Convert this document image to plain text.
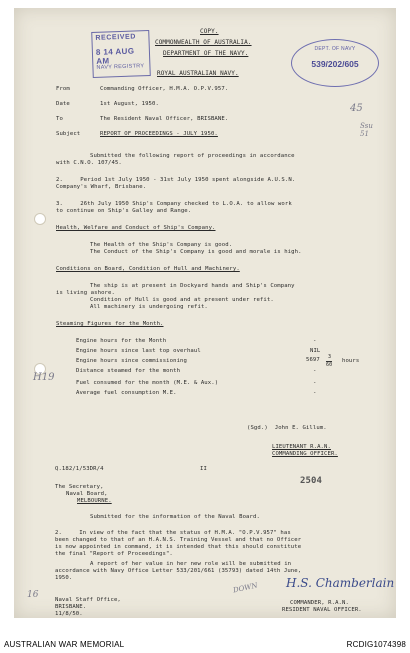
RECEIVED
8 14 AUG AM
NAVY REGISTRY
DEPT. OF NAVY
539/202/605
COPY.
COMMONWEALTH OF AUSTRALIA.
DEPARTMENT OF THE NAVY.
ROYAL AUSTRALIAN NAVY.
45
Ssu
51
From	Commanding Officer, H.M.A. O.P.V.957.
Date	1st August, 1950.
To	The Resident Naval Officer, BRISBANE.
Subject	REPORT OF PROCEEDINGS - JULY 1950.
Submitted the following report of proceedings in accordance
with C.N.O. 107/45.
2.     Period 1st July 1950 - 31st July 1950 spent alongside A.U.S.N.
Company's Wharf, Brisbane.
3.     26th July 1950 Ship's Company checked to L.O.A. to allow work
to continue on Ship's Galley and Range.
Health, Welfare and Conduct of Ship's Company.
The Health of the Ship's Company is good.
The Conduct of the Ship's Company is good and morale is high.
Conditions on Board, Condition of Hull and Machinery.
The ship is at present in Dockyard hands and Ship's Company
is living ashore.
Condition of Hull is good and at present under refit.
All machinery is undergoing refit.
Steaming Figures for the Month.
Engine hours for the Month	-
Engine hours since last top overhaul	NIL
Engine hours since commissioning	5697 3
60
hours
Distance steamed for the month	-
Fuel consumed for the month (M.E. & Aux.)	-
Average fuel consumption M.E.	-
H19
(Sgd.)  John E. Gillum.
LIEUTENANT R.A.N.
COMMANDING OFFICER.
Q.182/1/53DR/4	II
2504
The Secretary,
Naval Board,
MELBOURNE.
Submitted for the information of the Naval Board.
2.     In view of the fact that the status of H.M.A. "O.P.V.957" has
been changed to that of an H.A.N.S. Training Vessel and that no Officer
is now appointed in command, it is intended that this should constitute
the final "Report of Proceedings".
A report of her value in her new role will be submitted in
accordance with Navy Office Letter 533/201/661 (35793) dated 14th June,
1950.
DOWN H.S. Chamberlain
16	Naval Staff Office,
BRISBANE.
11/8/50.
COMMANDER, R.A.N.
RESIDENT NAVAL OFFICER.
AUSTRALIAN WAR MEMORIAL	RCDIG1074398
